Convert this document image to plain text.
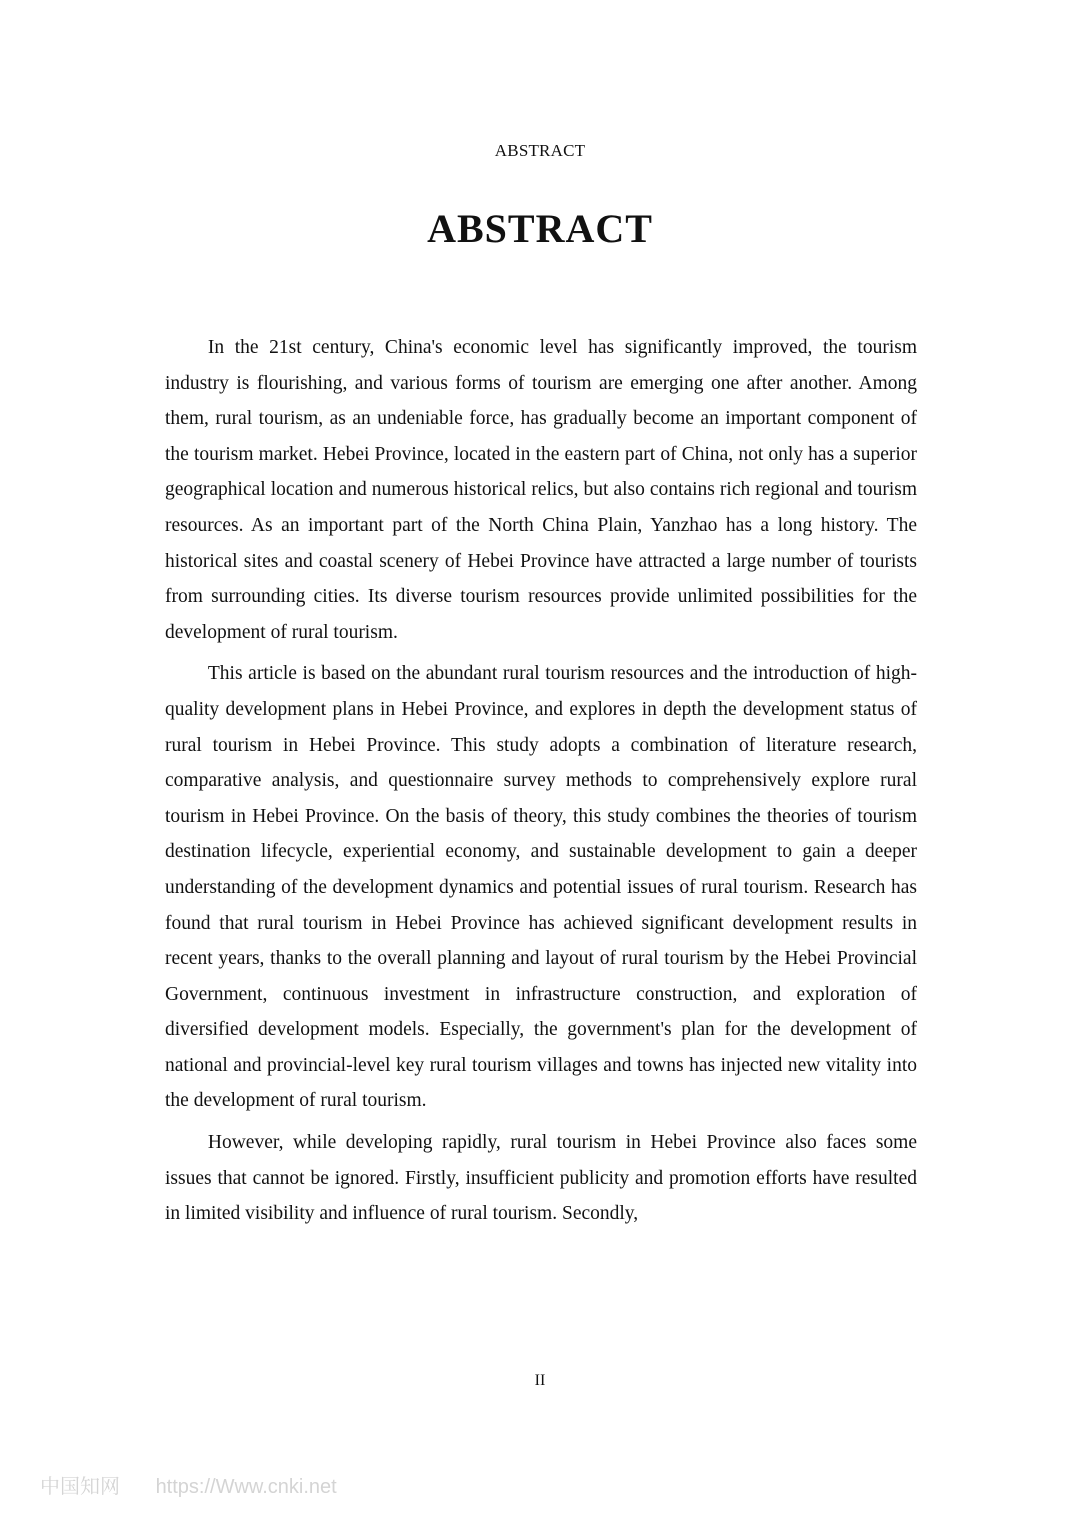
ABSTRACT
ABSTRACT

In the 21st century, China's economic level has significantly improved, the tourism industry is flourishing, and various forms of tourism are emerging one after another. Among them, rural tourism, as an undeniable force, has gradually become an important component of the tourism market. Hebei Province, located in the eastern part of China, not only has a superior geographical location and numerous historical relics, but also contains rich regional and tourism resources. As an important part of the North China Plain, Yanzhao has a long history. The historical sites and coastal scenery of Hebei Province have attracted a large number of tourists from surrounding cities. Its diverse tourism resources provide unlimited possibilities for the development of rural tourism.

This article is based on the abundant rural tourism resources and the introduction of high-quality development plans in Hebei Province, and explores in depth the development status of rural tourism in Hebei Province. This study adopts a combination of literature research, comparative analysis, and questionnaire survey methods to comprehensively explore rural tourism in Hebei Province. On the basis of theory, this study combines the theories of tourism destination lifecycle, experiential economy, and sustainable development to gain a deeper understanding of the development dynamics and potential issues of rural tourism. Research has found that rural tourism in Hebei Province has achieved significant development results in recent years, thanks to the overall planning and layout of rural tourism by the Hebei Provincial Government, continuous investment in infrastructure construction, and exploration of diversified development models. Especially, the government's plan for the development of national and provincial-level key rural tourism villages and towns has injected new vitality into the development of rural tourism.

However, while developing rapidly, rural tourism in Hebei Province also faces some issues that cannot be ignored. Firstly, insufficient publicity and promotion efforts have resulted in limited visibility and influence of rural tourism. Secondly,

II
中国知网 https://Www.cnki.net
